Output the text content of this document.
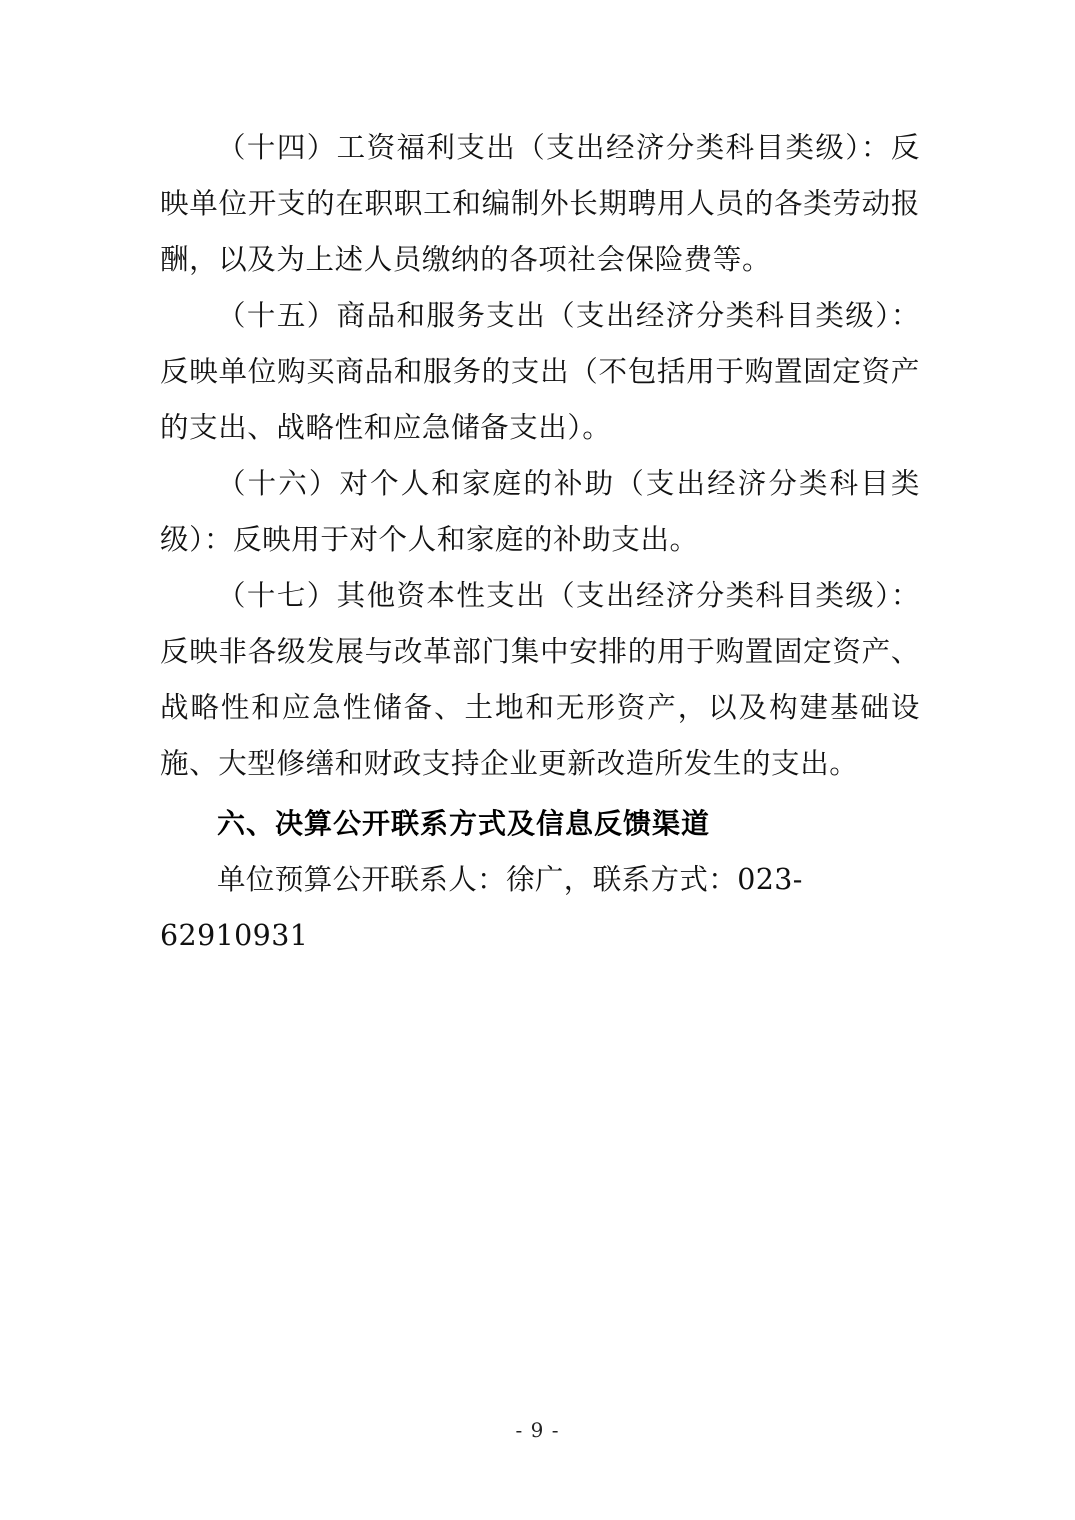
（十四）工资福利支出（支出经济分类科目类级）：反映单位开支的在职职工和编制外长期聘用人员的各类劳动报酬，以及为上述人员缴纳的各项社会保险费等。

（十五）商品和服务支出（支出经济分类科目类级）：反映单位购买商品和服务的支出（不包括用于购置固定资产的支出、战略性和应急储备支出）。

（十六）对个人和家庭的补助（支出经济分类科目类级）：反映用于对个人和家庭的补助支出。

（十七）其他资本性支出（支出经济分类科目类级）：反映非各级发展与改革部门集中安排的用于购置固定资产、战略性和应急性储备、土地和无形资产，以及构建基础设施、大型修缮和财政支持企业更新改造所发生的支出。

六、决算公开联系方式及信息反馈渠道

单位预算公开联系人：徐广，联系方式：023-62910931

- 9 -
